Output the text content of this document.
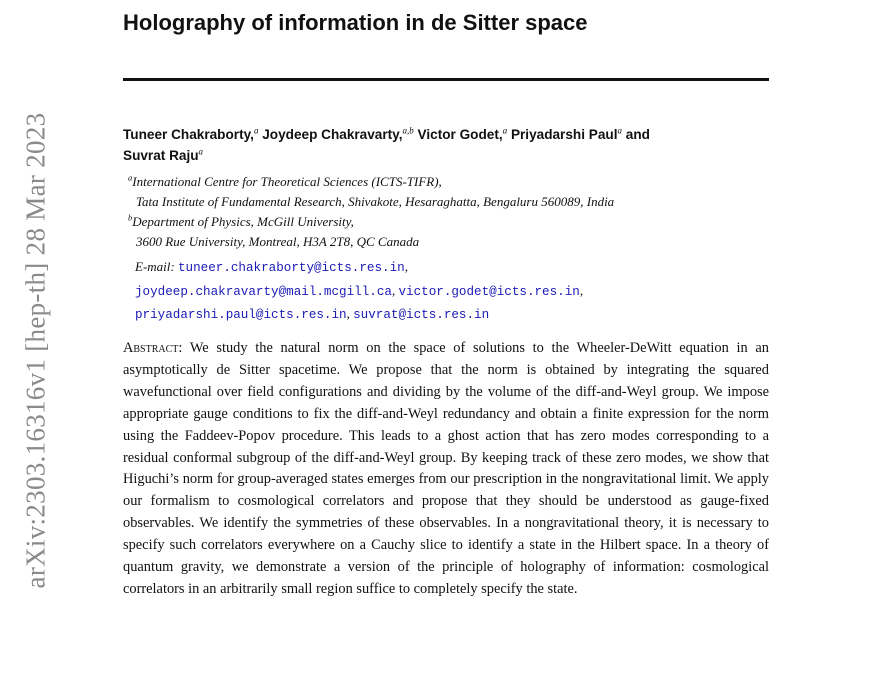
arXiv:2303.16316v1 [hep-th] 28 Mar 2023
Holography of information in de Sitter space
Tuneer Chakraborty,$^a$ Joydeep Chakravarty,$^{a,b}$ Victor Godet,$^a$ Priyadarshi Paul$^a$ and
Suvrat Raju$^a$
$^a$International Centre for Theoretical Sciences (ICTS-TIFR),
Tata Institute of Fundamental Research, Shivakote, Hesaraghatta, Bengaluru 560089, India
$^b$Department of Physics, McGill University,
3600 Rue University, Montreal, H3A 2T8, QC Canada
E-mail: tuneer.chakraborty@icts.res.in,
joydeep.chakravarty@mail.mcgill.ca, victor.godet@icts.res.in,
priyadarshi.paul@icts.res.in, suvrat@icts.res.in

Abstract: We study the natural norm on the space of solutions to the Wheeler-DeWitt equation in an asymptotically de Sitter spacetime. We propose that the norm is obtained by integrating the squared wavefunctional over field configurations and dividing by the volume of the diff-and-Weyl group. We impose appropriate gauge conditions to fix the diff-and-Weyl redundancy and obtain a finite expression for the norm using the Faddeev-Popov procedure. This leads to a ghost action that has zero modes corresponding to a residual conformal subgroup of the diff-and-Weyl group. By keeping track of these zero modes, we show that Higuchi’s norm for group-averaged states emerges from our prescription in the nongravitational limit. We apply our formalism to cosmological correlators and propose that they should be understood as gauge-fixed observables. We identify the symmetries of these observables. In a nongravitational theory, it is necessary to specify such correlators everywhere on a Cauchy slice to identify a state in the Hilbert space. In a theory of quantum gravity, we demonstrate a version of the principle of holography of information: cosmological correlators in an arbitrarily small region suffice to completely specify the state.
